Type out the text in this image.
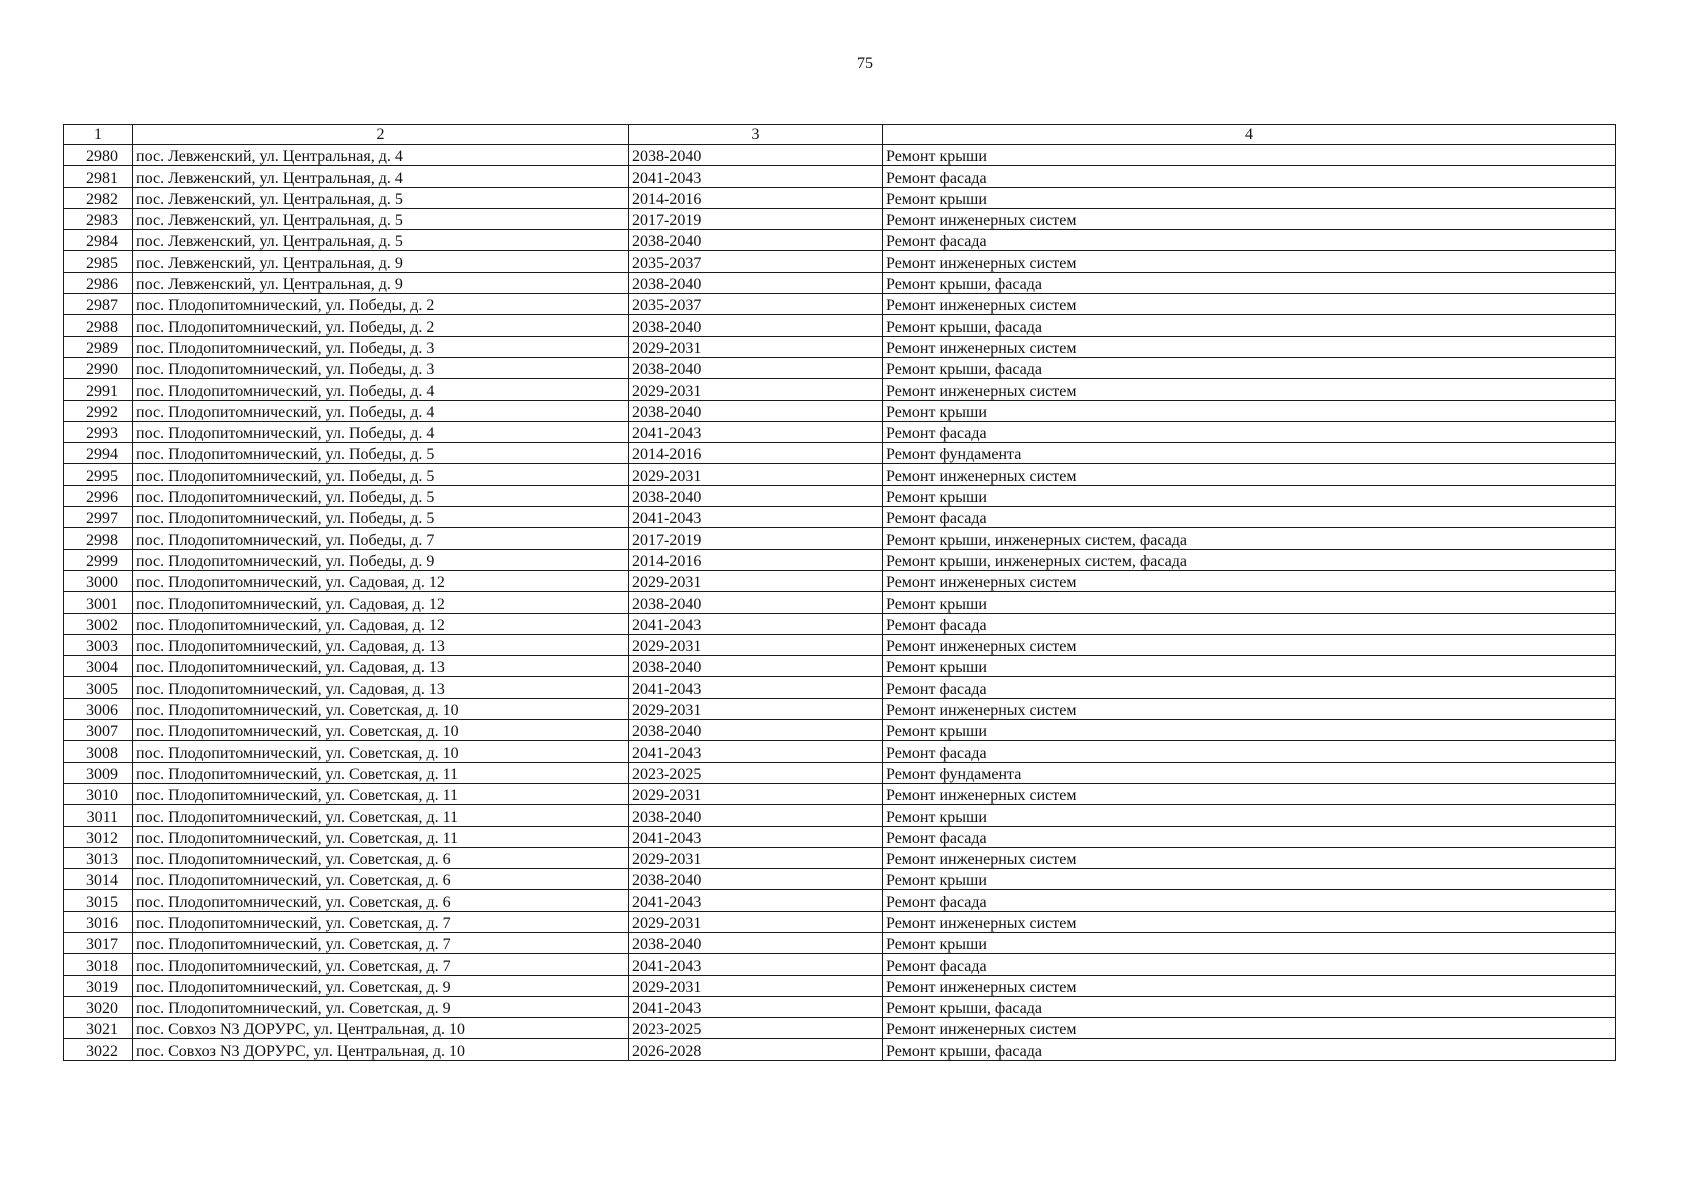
75
1	2	3	4
2980	пос. Левженский, ул. Центральная, д. 4	2038-2040	Ремонт крыши
2981	пос. Левженский, ул. Центральная, д. 4	2041-2043	Ремонт фасада
2982	пос. Левженский, ул. Центральная, д. 5	2014-2016	Ремонт крыши
2983	пос. Левженский, ул. Центральная, д. 5	2017-2019	Ремонт инженерных систем
2984	пос. Левженский, ул. Центральная, д. 5	2038-2040	Ремонт фасада
2985	пос. Левженский, ул. Центральная, д. 9	2035-2037	Ремонт инженерных систем
2986	пос. Левженский, ул. Центральная, д. 9	2038-2040	Ремонт крыши, фасада
2987	пос. Плодопитомнический, ул. Победы, д. 2	2035-2037	Ремонт инженерных систем
2988	пос. Плодопитомнический, ул. Победы, д. 2	2038-2040	Ремонт крыши, фасада
2989	пос. Плодопитомнический, ул. Победы, д. 3	2029-2031	Ремонт инженерных систем
2990	пос. Плодопитомнический, ул. Победы, д. 3	2038-2040	Ремонт крыши, фасада
2991	пос. Плодопитомнический, ул. Победы, д. 4	2029-2031	Ремонт инженерных систем
2992	пос. Плодопитомнический, ул. Победы, д. 4	2038-2040	Ремонт крыши
2993	пос. Плодопитомнический, ул. Победы, д. 4	2041-2043	Ремонт фасада
2994	пос. Плодопитомнический, ул. Победы, д. 5	2014-2016	Ремонт фундамента
2995	пос. Плодопитомнический, ул. Победы, д. 5	2029-2031	Ремонт инженерных систем
2996	пос. Плодопитомнический, ул. Победы, д. 5	2038-2040	Ремонт крыши
2997	пос. Плодопитомнический, ул. Победы, д. 5	2041-2043	Ремонт фасада
2998	пос. Плодопитомнический, ул. Победы, д. 7	2017-2019	Ремонт крыши, инженерных систем, фасада
2999	пос. Плодопитомнический, ул. Победы, д. 9	2014-2016	Ремонт крыши, инженерных систем, фасада
3000	пос. Плодопитомнический, ул. Садовая, д. 12	2029-2031	Ремонт инженерных систем
3001	пос. Плодопитомнический, ул. Садовая, д. 12	2038-2040	Ремонт крыши
3002	пос. Плодопитомнический, ул. Садовая, д. 12	2041-2043	Ремонт фасада
3003	пос. Плодопитомнический, ул. Садовая, д. 13	2029-2031	Ремонт инженерных систем
3004	пос. Плодопитомнический, ул. Садовая, д. 13	2038-2040	Ремонт крыши
3005	пос. Плодопитомнический, ул. Садовая, д. 13	2041-2043	Ремонт фасада
3006	пос. Плодопитомнический, ул. Советская, д. 10	2029-2031	Ремонт инженерных систем
3007	пос. Плодопитомнический, ул. Советская, д. 10	2038-2040	Ремонт крыши
3008	пос. Плодопитомнический, ул. Советская, д. 10	2041-2043	Ремонт фасада
3009	пос. Плодопитомнический, ул. Советская, д. 11	2023-2025	Ремонт фундамента
3010	пос. Плодопитомнический, ул. Советская, д. 11	2029-2031	Ремонт инженерных систем
3011	пос. Плодопитомнический, ул. Советская, д. 11	2038-2040	Ремонт крыши
3012	пос. Плодопитомнический, ул. Советская, д. 11	2041-2043	Ремонт фасада
3013	пос. Плодопитомнический, ул. Советская, д. 6	2029-2031	Ремонт инженерных систем
3014	пос. Плодопитомнический, ул. Советская, д. 6	2038-2040	Ремонт крыши
3015	пос. Плодопитомнический, ул. Советская, д. 6	2041-2043	Ремонт фасада
3016	пос. Плодопитомнический, ул. Советская, д. 7	2029-2031	Ремонт инженерных систем
3017	пос. Плодопитомнический, ул. Советская, д. 7	2038-2040	Ремонт крыши
3018	пос. Плодопитомнический, ул. Советская, д. 7	2041-2043	Ремонт фасада
3019	пос. Плодопитомнический, ул. Советская, д. 9	2029-2031	Ремонт инженерных систем
3020	пос. Плодопитомнический, ул. Советская, д. 9	2041-2043	Ремонт крыши, фасада
3021	пос. Совхоз N3 ДОРУРС, ул. Центральная, д. 10	2023-2025	Ремонт инженерных систем
3022	пос. Совхоз N3 ДОРУРС, ул. Центральная, д. 10	2026-2028	Ремонт крыши, фасада
